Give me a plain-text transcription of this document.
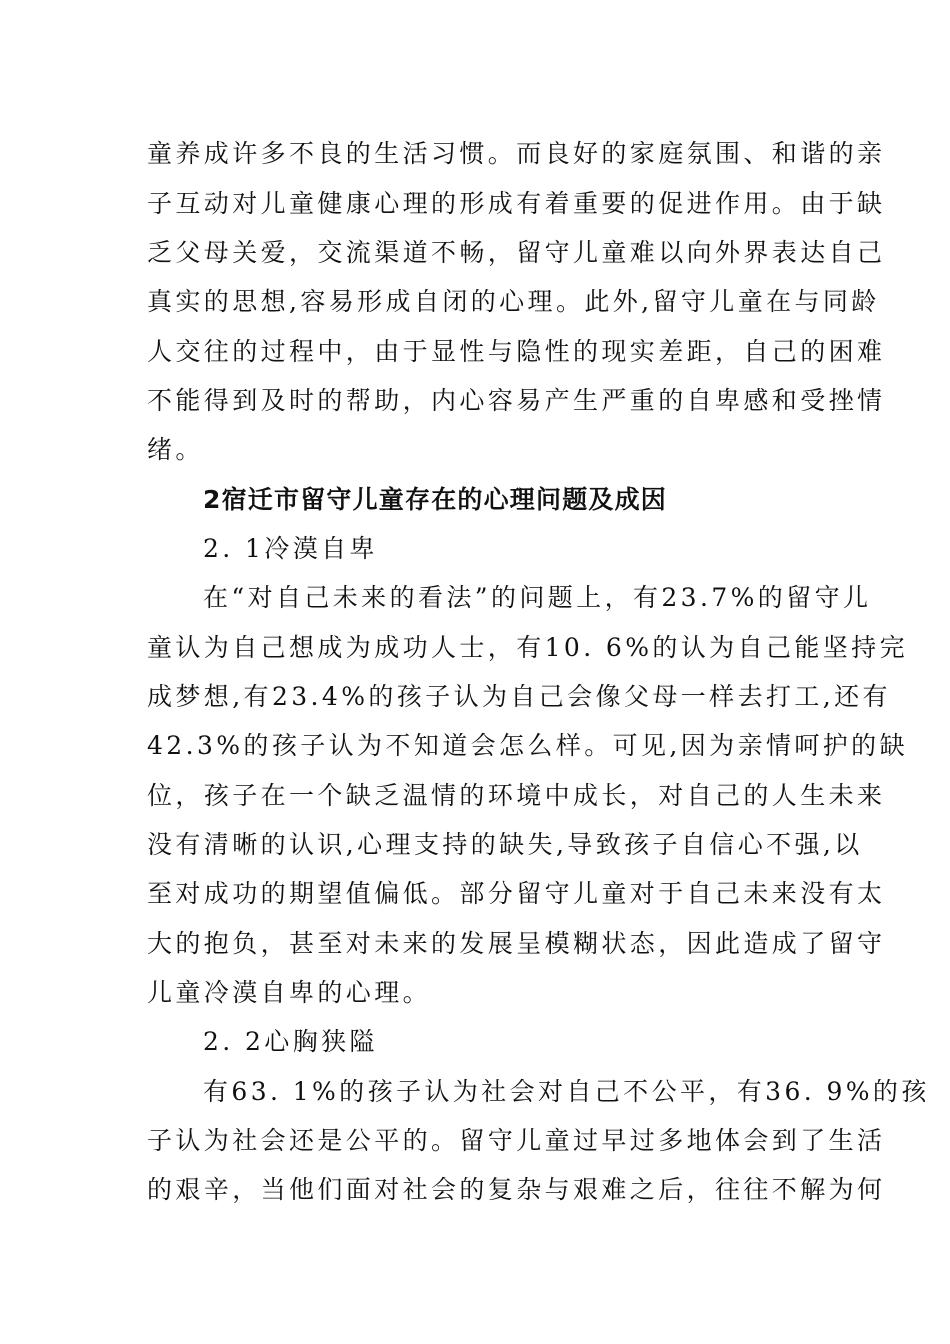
童养成许多不良的生活习惯。而良好的家庭氛围、和谐的亲

子互动对儿童健康心理的形成有着重要的促进作用。由于缺

乏父母关爱，交流渠道不畅，留守儿童难以向外界表达自己

真实的思想,容易形成自闭的心理。此外,留守儿童在与同龄

人交往的过程中，由于显性与隐性的现实差距，自己的困难

不能得到及时的帮助，内心容易产生严重的自卑感和受挫情

绪。

2宿迁市留守儿童存在的心理问题及成因

2. 1冷漠自卑

在“对自己未来的看法”的问题上，有23.7%的留守儿

童认为自己想成为成功人士，有10. 6%的认为自己能坚持完

成梦想,有23.4%的孩子认为自己会像父母一样去打工,还有

42.3%的孩子认为不知道会怎么样。可见,因为亲情呵护的缺

位，孩子在一个缺乏温情的环境中成长，对自己的人生未来

没有清晰的认识,心理支持的缺失,导致孩子自信心不强,以

至对成功的期望值偏低。部分留守儿童对于自己未来没有太

大的抱负，甚至对未来的发展呈模糊状态，因此造成了留守

儿童冷漠自卑的心理。

2. 2心胸狭隘

有63. 1%的孩子认为社会对自己不公平，有36. 9%的孩

子认为社会还是公平的。留守儿童过早过多地体会到了生活

的艰辛，当他们面对社会的复杂与艰难之后，往往不解为何
